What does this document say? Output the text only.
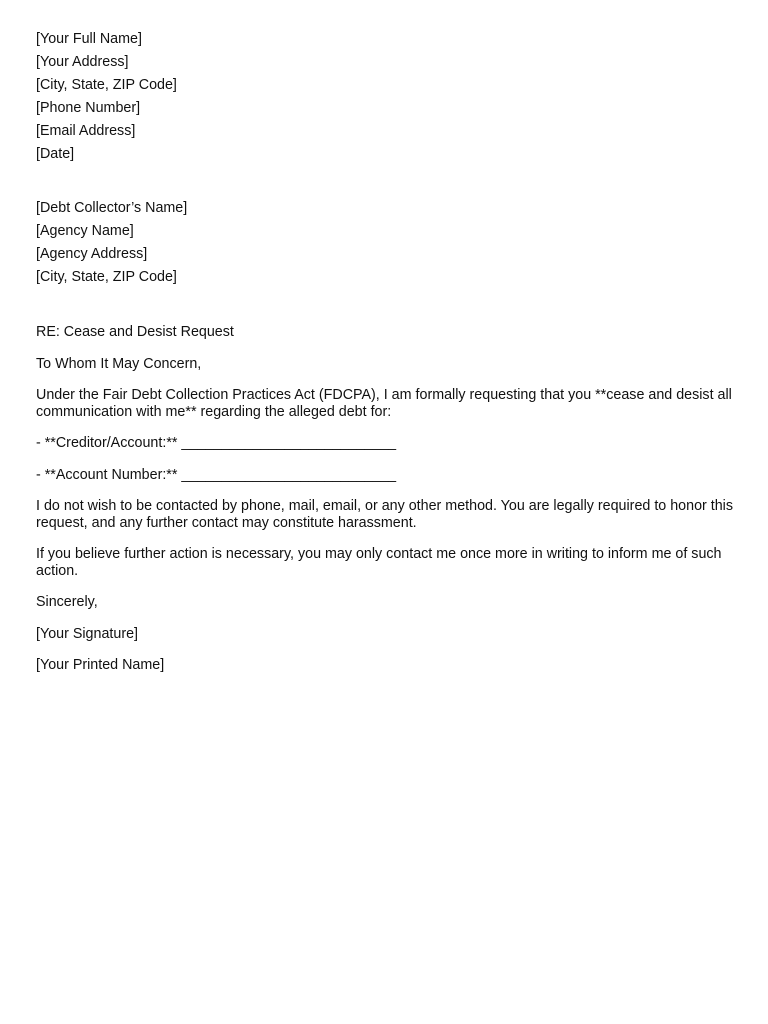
[Your Full Name]
[Your Address]
[City, State, ZIP Code]
[Phone Number]
[Email Address]
[Date]
[Debt Collector’s Name]
[Agency Name]
[Agency Address]
[City, State, ZIP Code]
RE: Cease and Desist Request
To Whom It May Concern,
Under the Fair Debt Collection Practices Act (FDCPA), I am formally requesting that you **cease and desist all communication with me** regarding the alleged debt for:
- **Creditor/Account:** ___________________________
- **Account Number:** ___________________________
I do not wish to be contacted by phone, mail, email, or any other method. You are legally required to honor this request, and any further contact may constitute harassment.
If you believe further action is necessary, you may only contact me once more in writing to inform me of such action.
Sincerely,
[Your Signature]
[Your Printed Name]
